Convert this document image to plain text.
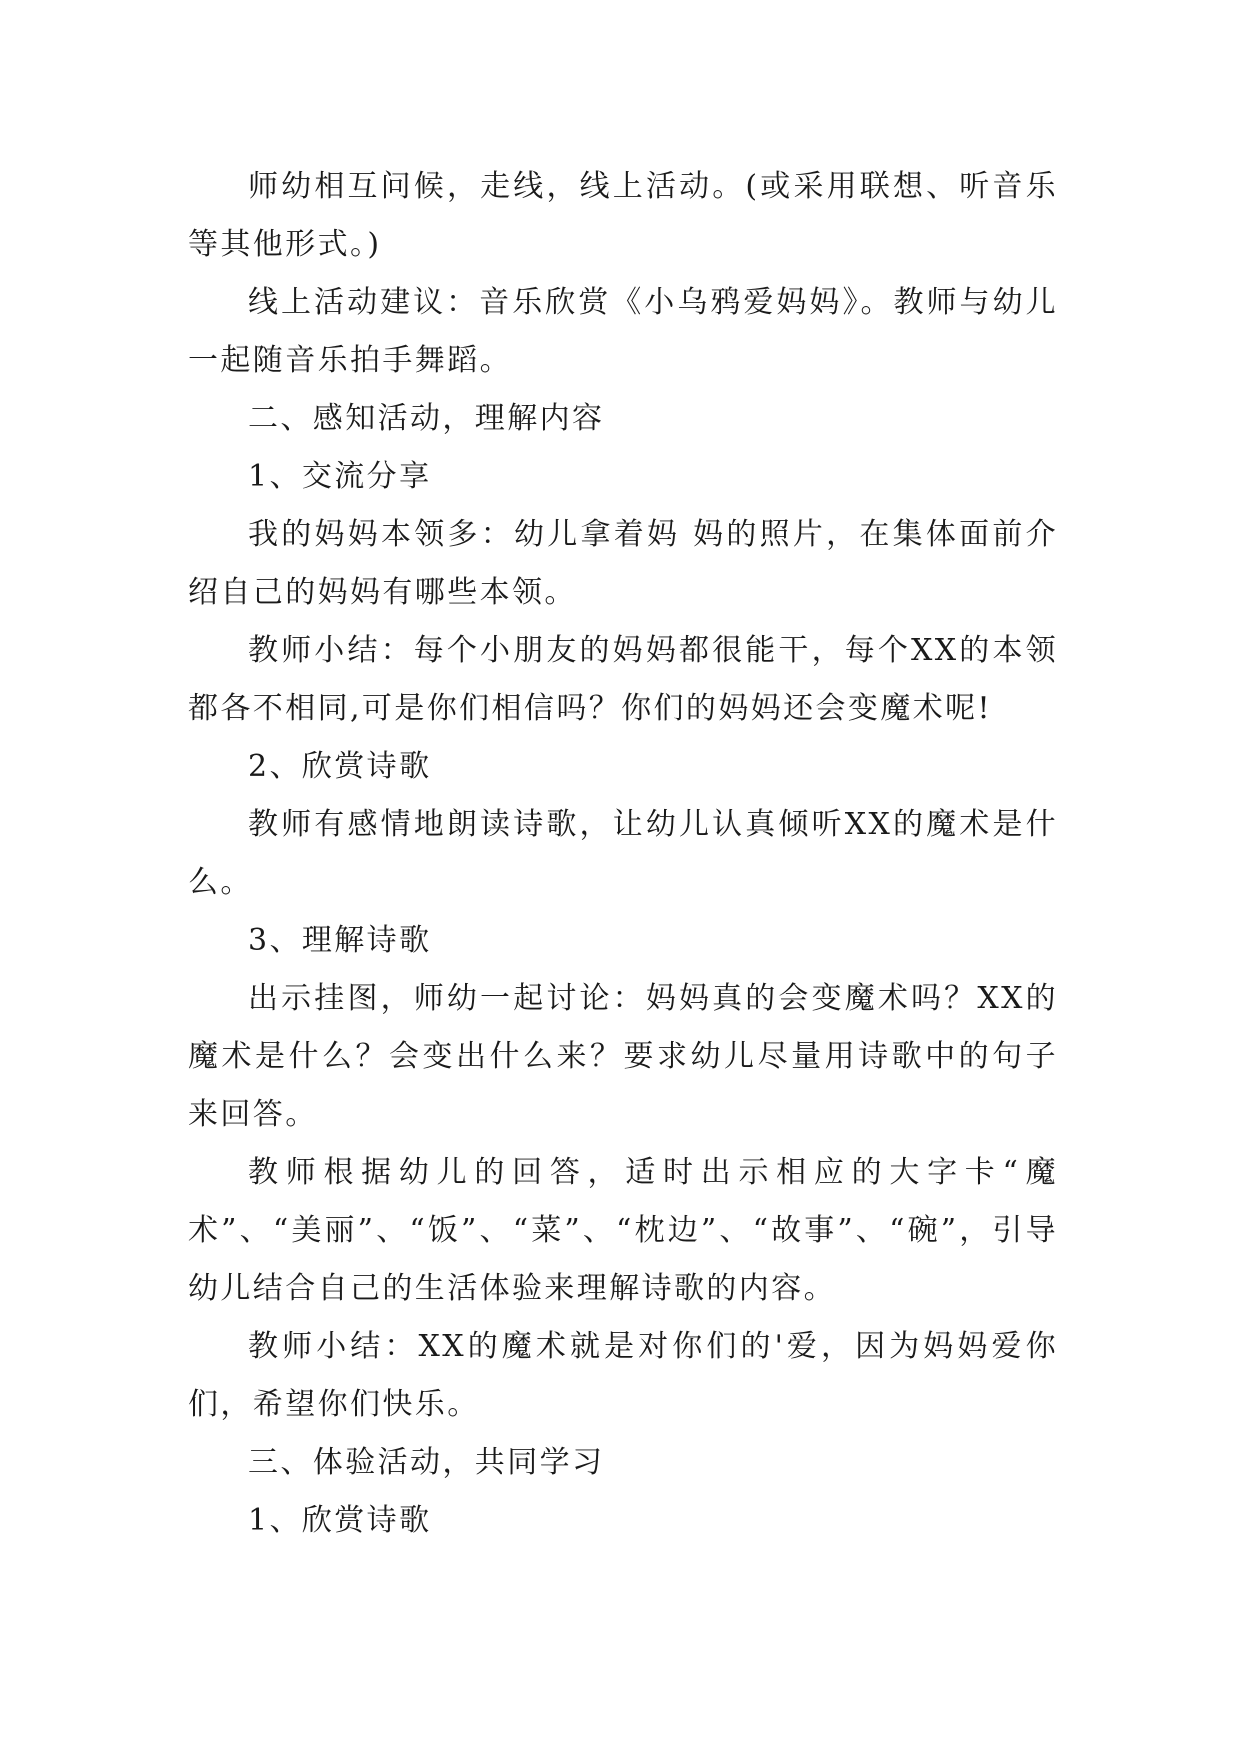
师幼相互问候，走线，线上活动。(或采用联想、听音乐等其他形式。)

线上活动建议：音乐欣赏《小乌鸦爱妈妈》。教师与幼儿一起随音乐拍手舞蹈。

二、感知活动，理解内容

1、交流分享

我的妈妈本领多：幼儿拿着妈 妈的照片，在集体面前介绍自己的妈妈有哪些本领。

教师小结：每个小朋友的妈妈都很能干，每个XX的本领都各不相同,可是你们相信吗？你们的妈妈还会变魔术呢!

2、欣赏诗歌

教师有感情地朗读诗歌，让幼儿认真倾听XX的魔术是什么。

3、理解诗歌

出示挂图，师幼一起讨论：妈妈真的会变魔术吗？XX的魔术是什么？会变出什么来？要求幼儿尽量用诗歌中的句子来回答。

教师根据幼儿的回答，适时出示相应的大字卡“魔术”、“美丽”、“饭”、“菜”、“枕边”、“故事”、“碗”，引导幼儿结合自己的生活体验来理解诗歌的内容。

教师小结：XX的魔术就是对你们的'爱，因为妈妈爱你们，希望你们快乐。

三、体验活动，共同学习

1、欣赏诗歌
